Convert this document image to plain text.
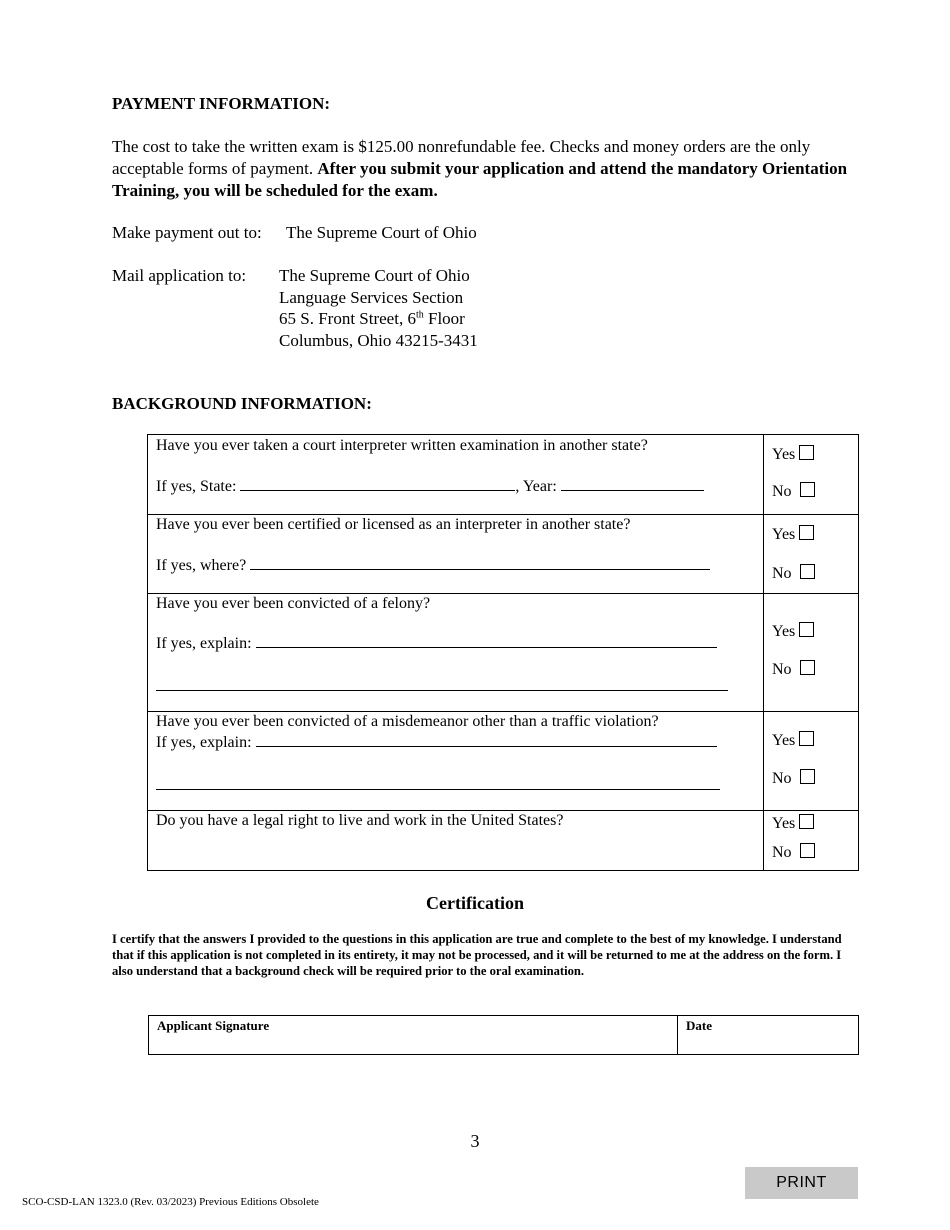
PAYMENT INFORMATION:
The cost to take the written exam is $125.00 nonrefundable fee. Checks and money orders are the only acceptable forms of payment. After you submit your application and attend the mandatory Orientation Training, you will be scheduled for the exam.
Make payment out to: The Supreme Court of Ohio
Mail application to: The Supreme Court of Ohio
Language Services Section
65 S. Front Street, 6th Floor
Columbus, Ohio 43215-3431
BACKGROUND INFORMATION:
Have you ever taken a court interpreter written examination in another state?
If yes, State:	, Year:
Yes
No
Have you ever been certified or licensed as an interpreter in another state?
If yes, where?
Yes
No
Have you ever been convicted of a felony?
If yes, explain:
Yes
No
Have you ever been convicted of a misdemeanor other than a traffic violation?
If yes, explain:	Yes
No
Do you have a legal right to live and work in the United States?	Yes
No
Certification
I certify that the answers I provided to the questions in this application are true and complete to the best of my knowledge. I understand that if this application is not completed in its entirety, it may not be processed, and it will be returned to me at the address on the form. I also understand that a background check will be required prior to the oral examination.
Applicant Signature	Date
3
SCO-CSD-LAN 1323.0 (Rev. 03/2023) Previous Editions Obsolete
PRINT
